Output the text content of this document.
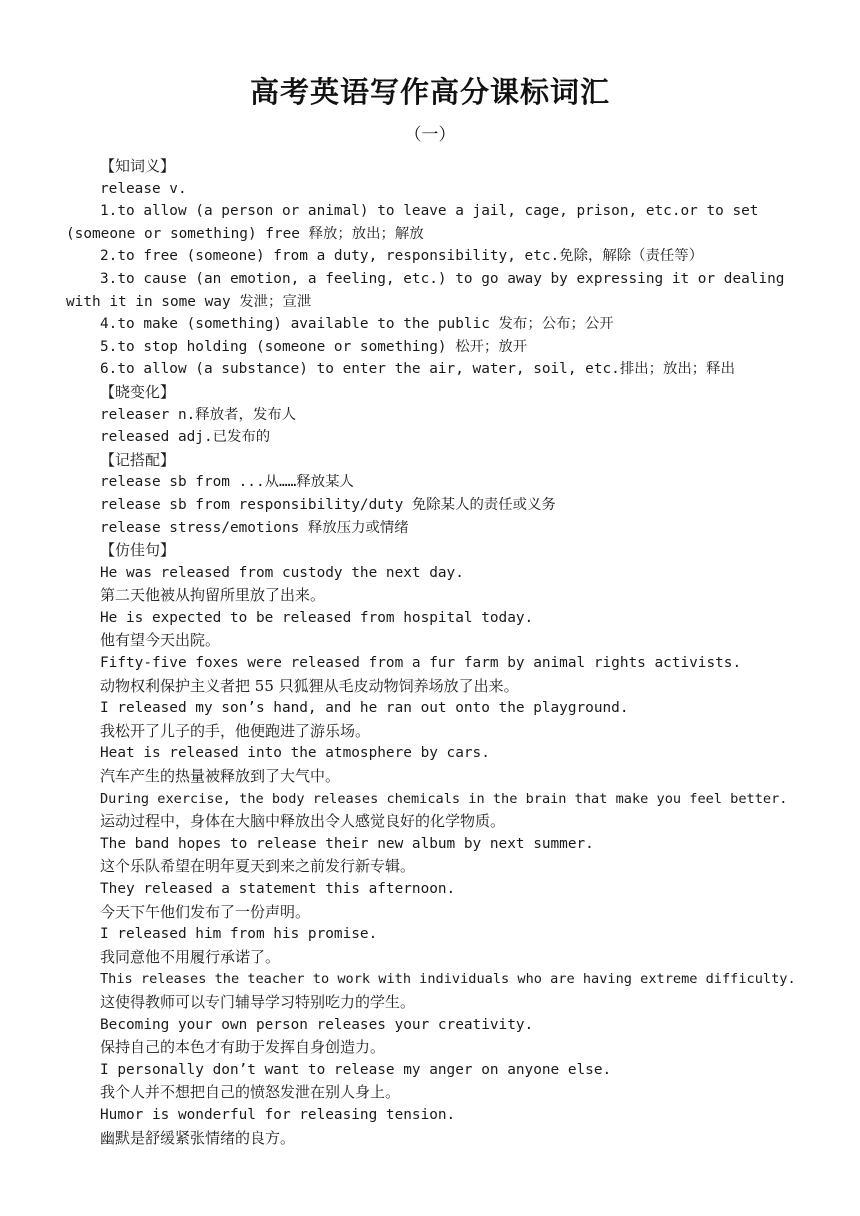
高考英语写作高分课标词汇
（一）
【知词义】
release v.
1.to allow (a person or animal) to leave a jail, cage, prison, etc.or to set (someone or something) free 释放；放出；解放
2.to free (someone) from a duty, responsibility, etc.免除，解除（责任等）
3.to cause (an emotion, a feeling, etc.) to go away by expressing it or dealing with it in some way 发泄；宣泄
4.to make (something) available to the public 发布；公布；公开
5.to stop holding (someone or something) 松开；放开
6.to allow (a substance) to enter the air, water, soil, etc.排出；放出；释出
【晓变化】
releaser n.释放者，发布人
released adj.已发布的
【记搭配】
release sb from ...从……释放某人
release sb from responsibility/duty 免除某人的责任或义务
release stress/emotions 释放压力或情绪
【仿佳句】
He was released from custody the next day.
第二天他被从拘留所里放了出来。
He is expected to be released from hospital today.
他有望今天出院。
Fifty-five foxes were released from a fur farm by animal rights activists.
动物权利保护主义者把 55 只狐狸从毛皮动物饲养场放了出来。
I released my son’s hand, and he ran out onto the playground.
我松开了儿子的手，他便跑进了游乐场。
Heat is released into the atmosphere by cars.
汽车产生的热量被释放到了大气中。
During exercise, the body releases chemicals in the brain that make you feel better.
运动过程中，身体在大脑中释放出令人感觉良好的化学物质。
The band hopes to release their new album by next summer.
这个乐队希望在明年夏天到来之前发行新专辑。
They released a statement this afternoon.
今天下午他们发布了一份声明。
I released him from his promise.
我同意他不用履行承诺了。
This releases the teacher to work with individuals who are having extreme difficulty.
这使得教师可以专门辅导学习特别吃力的学生。
Becoming your own person releases your creativity.
保持自己的本色才有助于发挥自身创造力。
I personally don’t want to release my anger on anyone else.
我个人并不想把自己的愤怒发泄在别人身上。
Humor is wonderful for releasing tension.
幽默是舒缓紧张情绪的良方。
